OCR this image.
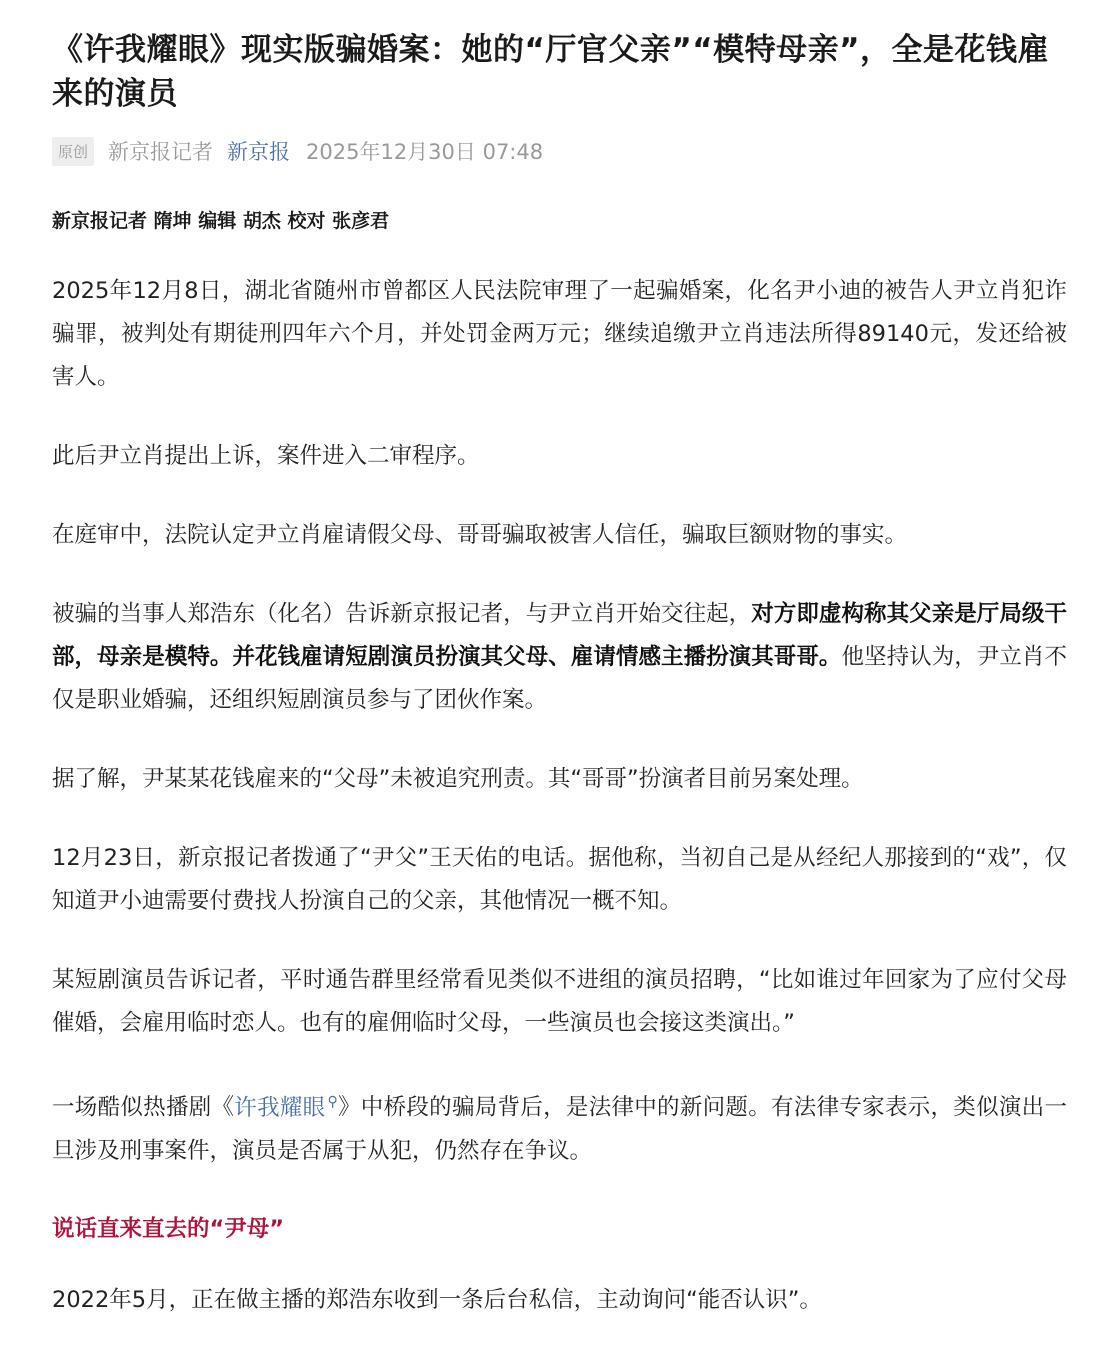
《许我耀眼》现实版骗婚案：她的“厅官父亲”“模特母亲”，全是花钱雇来的演员
原创 新京报记者 新京报 2025年12月30日 07:48
新京报记者 隋坤 编辑 胡杰 校对 张彦君

2025年12月8日，湖北省随州市曾都区人民法院审理了一起骗婚案，化名尹小迪的被告人尹立肖犯诈骗罪，被判处有期徒刑四年六个月，并处罚金两万元；继续追缴尹立肖违法所得89140元，发还给被害人。

此后尹立肖提出上诉，案件进入二审程序。

在庭审中，法院认定尹立肖雇请假父母、哥哥骗取被害人信任，骗取巨额财物的事实。

被骗的当事人郑浩东（化名）告诉新京报记者，与尹立肖开始交往起，对方即虚构称其父亲是厅局级干部，母亲是模特。并花钱雇请短剧演员扮演其父母、雇请情感主播扮演其哥哥。他坚持认为，尹立肖不仅是职业婚骗，还组织短剧演员参与了团伙作案。

据了解，尹某某花钱雇来的“父母”未被追究刑责。其“哥哥”扮演者目前另案处理。

12月23日，新京报记者拨通了“尹父”王天佑的电话。据他称，当初自己是从经纪人那接到的“戏”，仅知道尹小迪需要付费找人扮演自己的父亲，其他情况一概不知。

某短剧演员告诉记者，平时通告群里经常看见类似不进组的演员招聘，“比如谁过年回家为了应付父母催婚，会雇用临时恋人。也有的雇佣临时父母，一些演员也会接这类演出。”

一场酷似热播剧《许我耀眼 ⚲》中桥段的骗局背后，是法律中的新问题。有法律专家表示，类似演出一旦涉及刑事案件，演员是否属于从犯，仍然存在争议。

说话直来直去的“尹母”

2022年5月，正在做主播的郑浩东收到一条后台私信，主动询问“能否认识”。
